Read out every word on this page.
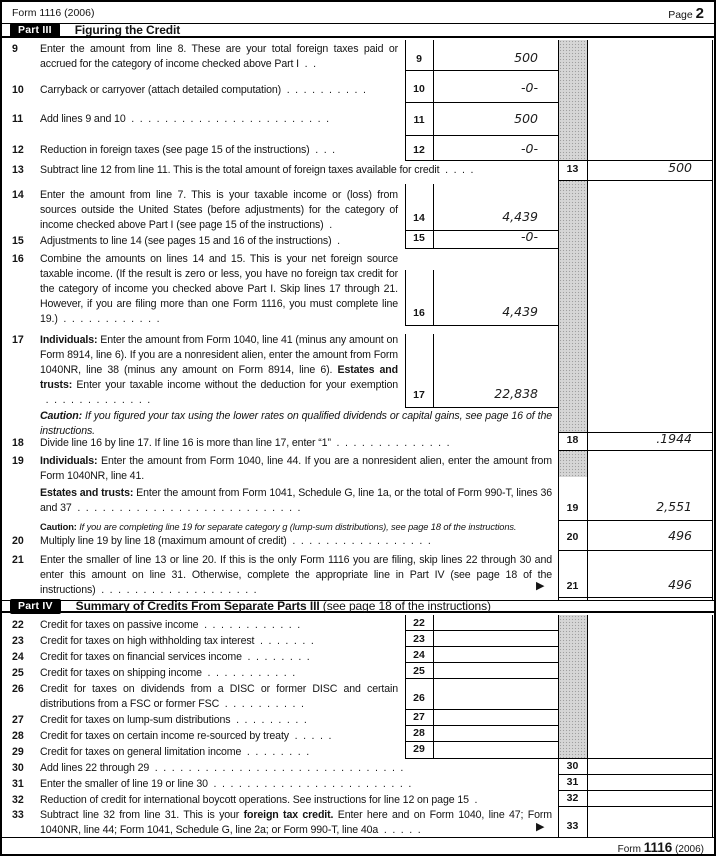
Form 1116 (2006)	Page 2
Part III	Figuring the Credit
9	Enter the amount from line 8. These are your total foreign taxes paid or accrued for the category of income checked above Part I  .  .
10	Carryback or carryover (attach detailed computation)  .  .  .  .  .  .  .  .  .  .
11	Add lines 9 and 10  .  .  .  .  .  .  .  .  .  .  .  .  .  .  .  .  .  .  .  .  .  .  .  .
12	Reduction in foreign taxes (see page 15 of the instructions)  .  .  .
13	Subtract line 12 from line 11. This is the total amount of foreign taxes available for credit  .  .  .  .
14	Enter the amount from line 7. This is your taxable income or (loss) from sources outside the United States (before adjustments) for the category of income checked above Part I (see page 15 of the instructions)  .
15	Adjustments to line 14 (see pages 15 and 16 of the instructions)  .
16	Combine the amounts on lines 14 and 15. This is your net foreign source taxable income. (If the result is zero or less, you have no foreign tax credit for the category of income you checked above Part I. Skip lines 17 through 21. However, if you are filing more than one Form 1116, you must complete line 19.)  .  .  .  .  .  .  .  .  .  .  .  .
17	Individuals: Enter the amount from Form 1040, line 41 (minus any amount on Form 8914, line 6). If you are a nonresident alien, enter the amount from Form 1040NR, line 38 (minus any amount on Form 8914, line 6). Estates and trusts: Enter your taxable income without the deduction for your exemption  .  .  .  .  .  .  .  .  .  .  .  .  .
Caution: If you figured your tax using the lower rates on qualified dividends or capital gains, see page 16 of the instructions.
18	Divide line 16 by line 17. If line 16 is more than line 17, enter “1”  .  .  .  .  .  .  .  .  .  .  .  .  .  .
19	Individuals: Enter the amount from Form 1040, line 44. If you are a nonresident alien, enter the amount from Form 1040NR, line 41.
Estates and trusts: Enter the amount from Form 1041, Schedule G, line 1a, or the total of Form 990-T, lines 36 and 37  .  .  .  .  .  .  .  .  .  .  .  .  .  .  .  .  .  .  .  .  .  .  .  .  .  .  .
Caution: If you are completing line 19 for separate category g (lump-sum distributions), see page 18 of the instructions.
20	Multiply line 19 by line 18 (maximum amount of credit)  .  .  .  .  .  .  .  .  .  .  .  .  .  .  .  .  .
21	Enter the smaller of line 13 or line 20. If this is the only Form 1116 you are filing, skip lines 22 through 30 and enter this amount on line 31. Otherwise, complete the appropriate line in Part IV (see page 18 of the instructions)  .  .  .  .  .  .  .  .  .  .  .  .  .  .  .  .  .  .  .	▶
9	500
10	-0-
11	500
12	-0-
14	4,439
15	-0-
16	4,439
17	22,838
13	500
18	.1944
19	2,551
20	496
21	496
Part IV	Summary of Credits From Separate Parts III (see page 18 of the instructions)
22	Credit for taxes on passive income  .  .  .  .  .  .  .  .  .  .  .  .
23	Credit for taxes on high withholding tax interest  .  .  .  .  .  .  .
24	Credit for taxes on financial services income  .  .  .  .  .  .  .  .
25	Credit for taxes on shipping income  .  .  .  .  .  .  .  .  .  .  .
26	Credit for taxes on dividends from a DISC or former DISC and certain distributions from a FSC or former FSC  .  .  .  .  .  .  .  .  .  .
27	Credit for taxes on lump-sum distributions  .  .  .  .  .  .  .  .  .
28	Credit for taxes on certain income re-sourced by treaty  .  .  .  .  .
29	Credit for taxes on general limitation income  .  .  .  .  .  .  .  .
30	Add lines 22 through 29  .  .  .  .  .  .  .  .  .  .  .  .  .  .  .  .  .  .  .  .  .  .  .  .  .  .  .  .  .  .
31	Enter the smaller of line 19 or line 30  .  .  .  .  .  .  .  .  .  .  .  .  .  .  .  .  .  .  .  .  .  .  .  .
32	Reduction of credit for international boycott operations. See instructions for line 12 on page 15  .
33	Subtract line 32 from line 31. This is your foreign tax credit. Enter here and on Form 1040, line 47; Form 1040NR, line 44; Form 1041, Schedule G, line 2a; or Form 990-T, line 40a  .  .  .  .  .	▶
22
23
24
25
26
27
28
29
30
31
32
33
Form 1116 (2006)
